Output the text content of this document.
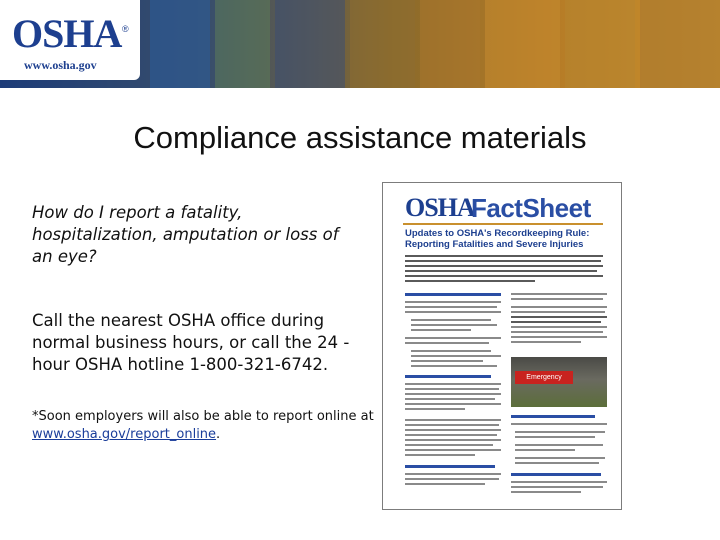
OSHA ®
www.osha.gov
Compliance assistance materials
How do I report a fatality, hospitalization, amputation or loss of an eye?
Call the nearest OSHA office during normal business hours, or call the 24 -hour OSHA hotline 1-800-321-6742.
*Soon employers will also be able to report online at www.osha.gov/report_online.
OSHA
FactSheet
Updates to OSHA's Recordkeeping Rule: Reporting Fatalities and Severe Injuries
Emergency
